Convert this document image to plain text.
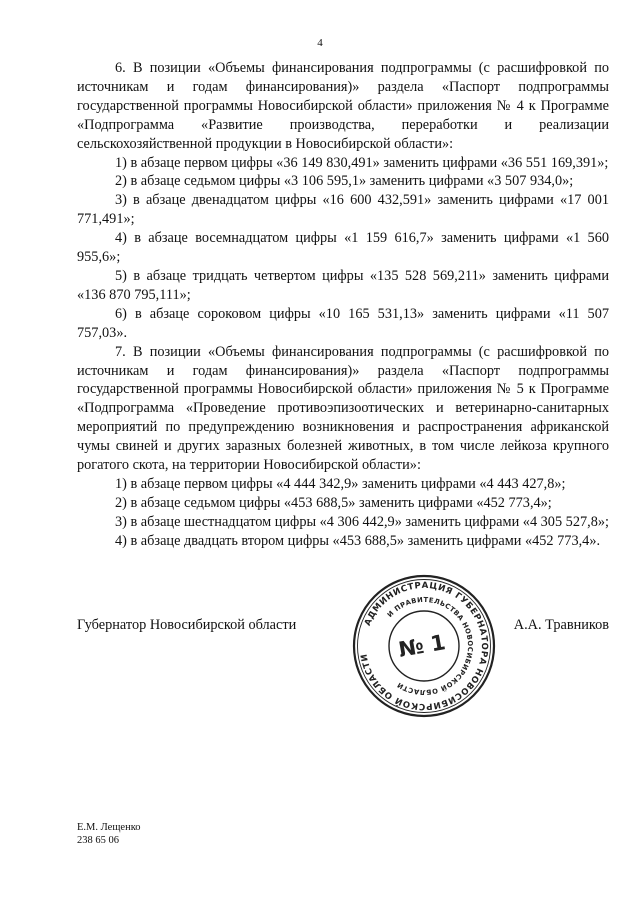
4

6. В позиции «Объемы финансирования подпрограммы (с расшифровкой по источникам и годам финансирования)» раздела «Паспорт подпрограммы государственной программы Новосибирской области» приложения № 4 к Программе «Подпрограмма «Развитие производства, переработки и реализации сельскохозяйственной продукции в Новосибирской области»:

1) в абзаце первом цифры «36 149 830,491» заменить цифрами «36 551 169,391»;

2) в абзаце седьмом цифры «3 106 595,1» заменить цифрами «3 507 934,0»;

3) в абзаце двенадцатом цифры «16 600 432,591» заменить цифрами «17 001 771,491»;

4) в абзаце восемнадцатом цифры «1 159 616,7» заменить цифрами «1 560 955,6»;

5) в абзаце тридцать четвертом цифры «135 528 569,211» заменить цифрами «136 870 795,111»;

6) в абзаце сороковом цифры «10 165 531,13» заменить цифрами «11 507 757,03».

7. В позиции «Объемы финансирования подпрограммы (с расшифровкой по источникам и годам финансирования)» раздела «Паспорт подпрограммы государственной программы Новосибирской области» приложения № 5 к Программе «Подпрограмма «Проведение противоэпизоотических и ветеринарно-санитарных мероприятий по предупреждению возникновения и распространения африканской чумы свиней и других заразных болезней животных, в том числе лейкоза крупного рогатого скота, на территории Новосибирской области»:

1) в абзаце первом цифры «4 444 342,9» заменить цифрами «4 443 427,8»;

2) в абзаце седьмом цифры «453 688,5» заменить цифрами «452 773,4»;

3) в абзаце шестнадцатом цифры «4 306 442,9» заменить цифрами «4 305 527,8»;

4) в абзаце двадцать втором цифры «453 688,5» заменить цифрами «452 773,4».

Губернатор Новосибирской области	А.А. Травников
АДМИНИСТРАЦИЯ ГУБЕРНАТОРА НОВОСИБИРСКОЙ ОБЛАСТИ
И ПРАВИТЕЛЬСТВА НОВОСИБИРСКОЙ ОБЛАСТИ
№ 1
Е.М. Лещенко
238 65 06
